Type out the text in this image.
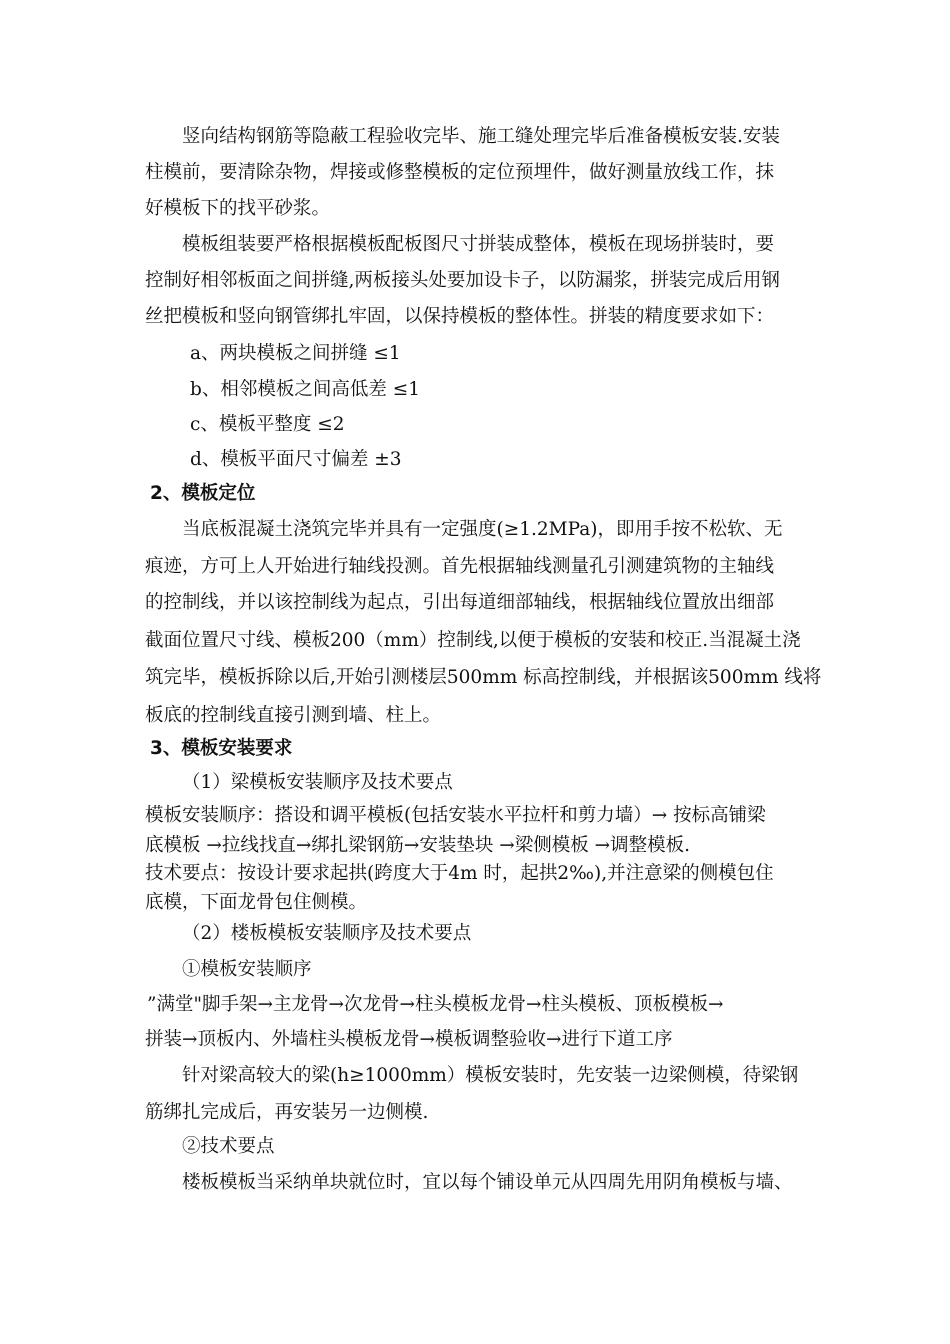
竖向结构钢筋等隐蔽工程验收完毕、施工缝处理完毕后准备模板安装.安装
柱模前，要清除杂物，焊接或修整模板的定位预埋件，做好测量放线工作，抹
好模板下的找平砂浆。
模板组装要严格根据模板配板图尺寸拼装成整体，模板在现场拼装时，要
控制好相邻板面之间拼缝,两板接头处要加设卡子，以防漏浆，拼装完成后用钢
丝把模板和竖向钢管绑扎牢固，以保持模板的整体性。拼装的精度要求如下：
a、两块模板之间拼缝 ≤1
b、相邻模板之间高低差 ≤1
c、模板平整度 ≤2
d、模板平面尺寸偏差 ±3
2、模板定位
当底板混凝土浇筑完毕并具有一定强度(≥1.2MPa)，即用手按不松软、无
痕迹，方可上人开始进行轴线投测。首先根据轴线测量孔引测建筑物的主轴线
的控制线，并以该控制线为起点，引出每道细部轴线，根据轴线位置放出细部
截面位置尺寸线、模板200（mm）控制线,以便于模板的安装和校正.当混凝土浇
筑完毕，模板拆除以后,开始引测楼层500mm 标高控制线，并根据该500mm 线将
板底的控制线直接引测到墙、柱上。
3、模板安装要求
（1）梁模板安装顺序及技术要点
模板安装顺序：搭设和调平模板(包括安装水平拉杆和剪力墙）→ 按标高铺梁
底模板 →拉线找直→绑扎梁钢筋→安装垫块 →梁侧模板 →调整模板.
技术要点：按设计要求起拱(跨度大于4m 时，起拱2‰),并注意梁的侧模包住
底模，下面龙骨包住侧模。
（2）楼板模板安装顺序及技术要点
①模板安装顺序
”满堂"脚手架→主龙骨→次龙骨→柱头模板龙骨→柱头模板、顶板模板→
拼装→顶板内、外墙柱头模板龙骨→模板调整验收→进行下道工序
针对梁高较大的梁(h≥1000mm）模板安装时，先安装一边梁侧模，待梁钢
筋绑扎完成后，再安装另一边侧模.
②技术要点
楼板模板当采纳单块就位时，宜以每个铺设单元从四周先用阴角模板与墙、
